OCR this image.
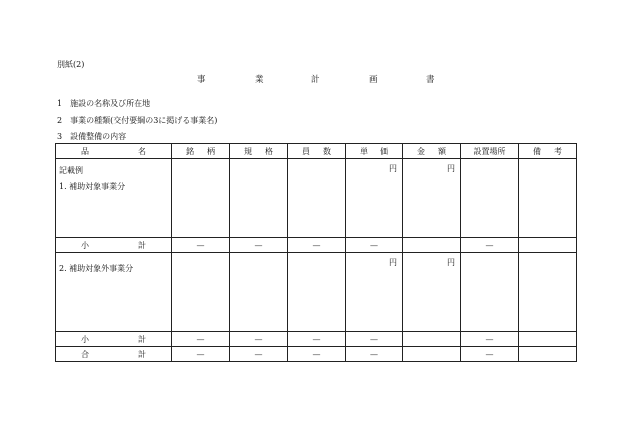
別紙(2)
事	業	計	画	書
1　施設の名称及び所在地
2　事業の種類(交付要綱の3に掲げる事業名)
3　設備整備の内容
品 名	銘 柄	規 格	員 数	単 価	金 額	設置場所	備 考

記載例
1. 補助対象事業分				円	円		

小 計	—	—	—	—		—	

2. 補助対象外事業分				円	円		

小 計	—	—	—	—		—	

合 計	—	—	—	—		—	
